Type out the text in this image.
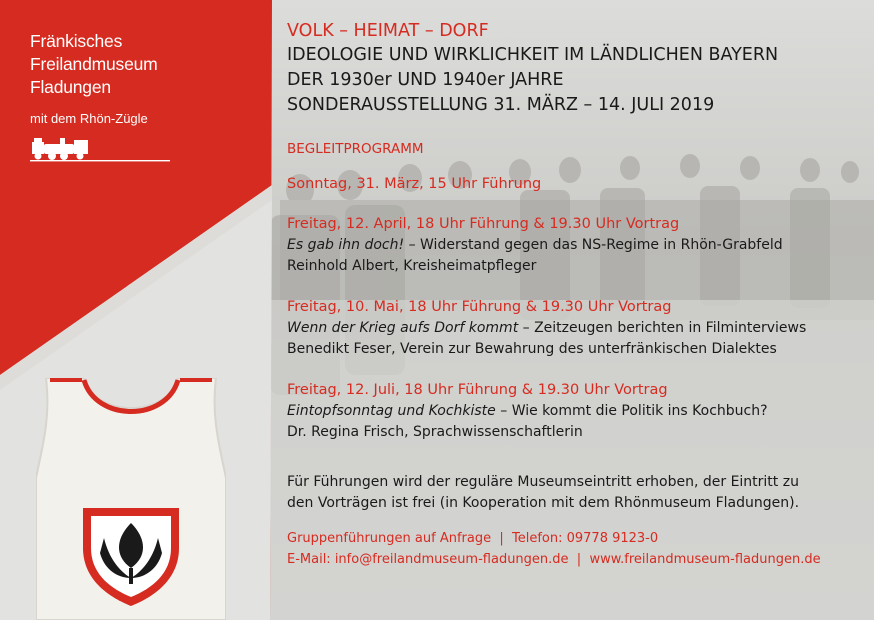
Fränkisches
Freilandmuseum
Fladungen
mit dem Rhön-Zügle
VOLK – HEIMAT – DORF
IDEOLOGIE UND WIRKLICHKEIT IM LÄNDLICHEN BAYERN
DER 1930er UND 1940er JAHRE
SONDERAUSSTELLUNG 31. MÄRZ – 14. JULI 2019
BEGLEITPROGRAMM
Sonntag, 31. März, 15 Uhr Führung
Freitag, 12. April, 18 Uhr Führung & 19.30 Uhr Vortrag
Es gab ihn doch! – Widerstand gegen das NS-Regime in Rhön-Grabfeld
Reinhold Albert, Kreisheimatpfleger
Freitag, 10. Mai, 18 Uhr Führung & 19.30 Uhr Vortrag
Wenn der Krieg aufs Dorf kommt – Zeitzeugen berichten in Filminterviews
Benedikt Feser, Verein zur Bewahrung des unterfränkischen Dialektes
Freitag, 12. Juli, 18 Uhr Führung & 19.30 Uhr Vortrag
Eintopfsonntag und Kochkiste – Wie kommt die Politik ins Kochbuch?
Dr. Regina Frisch, Sprachwissenschaftlerin
Für Führungen wird der reguläre Museumseintritt erhoben, der Eintritt zu
den Vorträgen ist frei (in Kooperation mit dem Rhönmuseum Fladungen).
Gruppenführungen auf Anfrage  |  Telefon: 09778 9123-0
E-Mail: info@freilandmuseum-fladungen.de  |  www.freilandmuseum-fladungen.de
